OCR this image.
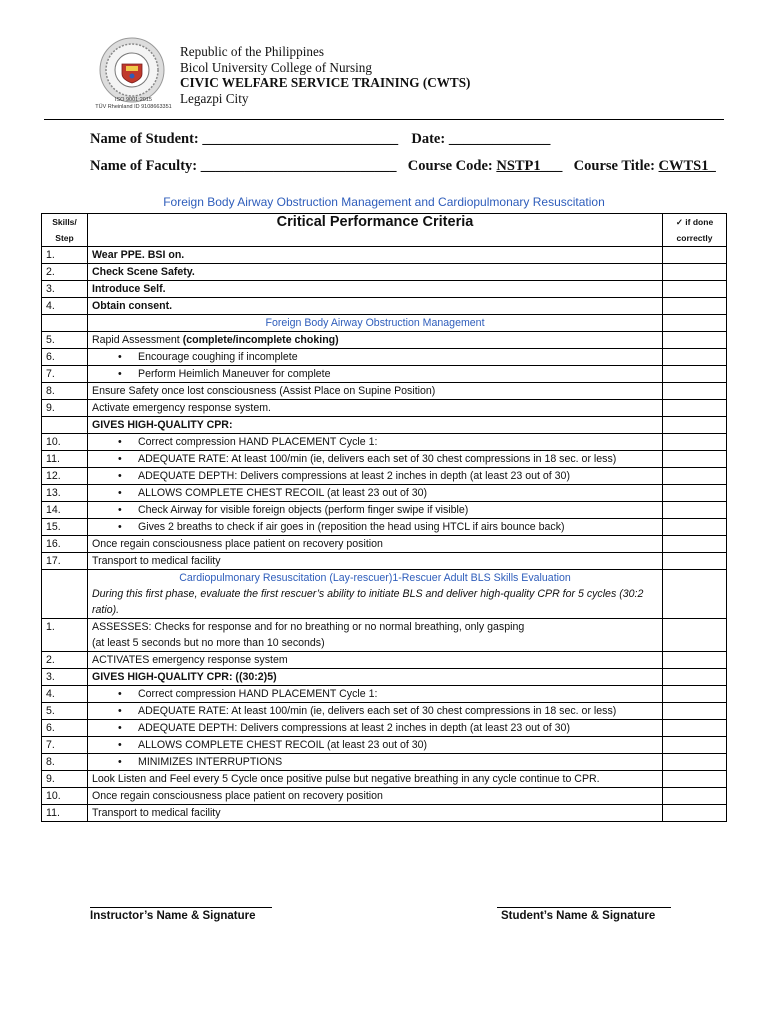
ISO 9001:2015
TÜV Rheinland ID 9108663351
Republic of the Philippines
Bicol University College of Nursing
CIVIC WELFARE SERVICE TRAINING (CWTS)
Legazpi City
Name of Student: ___________________________ Date: ______________
Name of Faculty: ___________________________ Course Code: NSTP1___ Course Title: CWTS1_
Foreign Body Airway Obstruction Management and Cardiopulmonary Resuscitation
Skills/ Step	Critical Performance Criteria	✓ if done correctly
1.	Wear PPE. BSI on.	
2.	Check Scene Safety.	
3.	Introduce Self.	
4.	Obtain consent.	
	Foreign Body Airway Obstruction Management	
5.	Rapid Assessment (complete/incomplete choking)	
6.	• Encourage coughing if incomplete	
7.	• Perform Heimlich Maneuver for complete	
8.	Ensure Safety once lost consciousness (Assist Place on Supine Position)	
9.	Activate emergency response system.	
	GIVES HIGH-QUALITY CPR:	
10.	• Correct compression HAND PLACEMENT Cycle 1:	
11.	• ADEQUATE RATE: At least 100/min (ie, delivers each set of 30 chest compressions in 18 sec. or less)	
12.	• ADEQUATE DEPTH: Delivers compressions at least 2 inches in depth (at least 23 out of 30)	
13.	• ALLOWS COMPLETE CHEST RECOIL (at least 23 out of 30)	
14.	• Check Airway for visible foreign objects (perform finger swipe if visible)	
15.	• Gives 2 breaths to check if air goes in (reposition the head using HTCL if airs bounce back)	
16.	Once regain consciousness place patient on recovery position	
17.	Transport to medical facility	

	Cardiopulmonary Resuscitation (Lay-rescuer)1-Rescuer Adult BLS Skills Evaluation
During this first phase, evaluate the first rescuer’s ability to initiate BLS and deliver high-quality CPR for 5 cycles (30:2 ratio).	

1.	ASSESSES: Checks for response and for no breathing or no normal breathing, only gasping
(at least 5 seconds but no more than 10 seconds)	

2.	ACTIVATES emergency response system	
3.	GIVES HIGH-QUALITY CPR: ((30:2)5)	
4.	• Correct compression HAND PLACEMENT Cycle 1:	
5.	• ADEQUATE RATE: At least 100/min (ie, delivers each set of 30 chest compressions in 18 sec. or less)	
6.	• ADEQUATE DEPTH: Delivers compressions at least 2 inches in depth (at least 23 out of 30)	
7.	• ALLOWS COMPLETE CHEST RECOIL (at least 23 out of 30)	
8.	• MINIMIZES INTERRUPTIONS	
9.	Look Listen and Feel every 5 Cycle once positive pulse but negative breathing in any cycle continue to CPR.	
10.	Once regain consciousness place patient on recovery position	
11.	Transport to medical facility	
Instructor’s Name & Signature	Student’s Name & Signature
